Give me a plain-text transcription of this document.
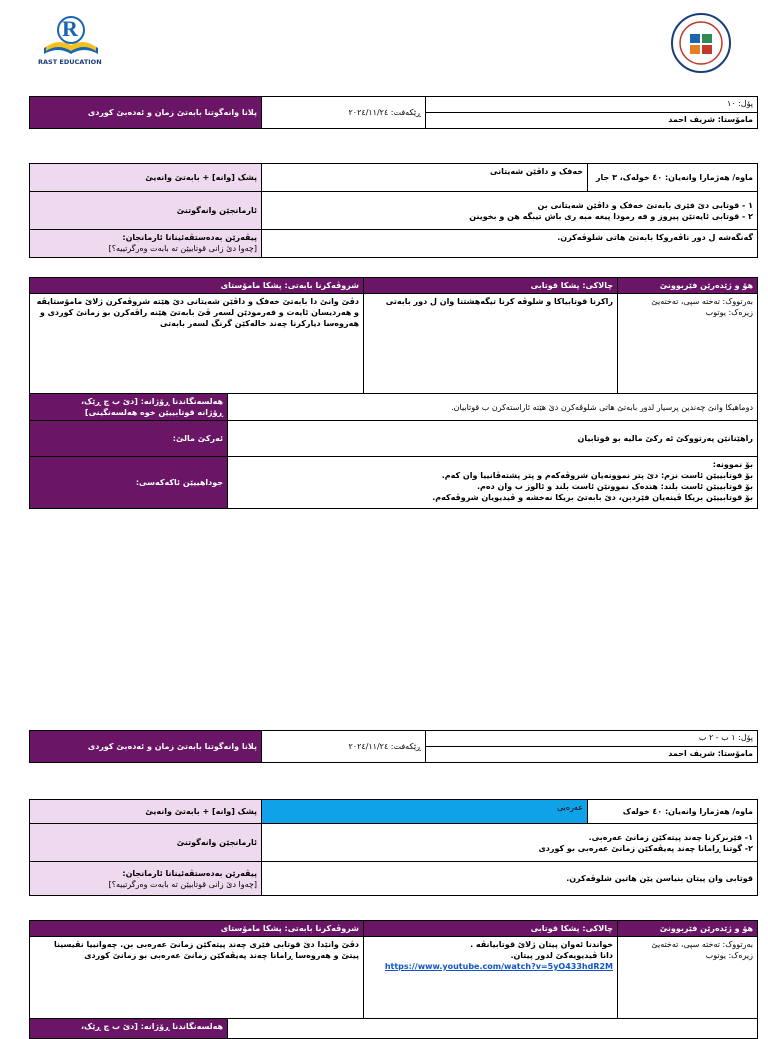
R
RAST EDUCATION
پلانا وانەگوتنا بابەتێ زمان و ئەدەبێ کوردی	ڕێکەفت: ٢٠٢٤/١١/٢٤	
پۆل: ١٠
مامۆستا: شریف احمد
پشک [وانە] + بابەتێ وانەیێ	خەفک و داڤێن شەیتانی	ماوە/ ھەژمارا وانەیان: ٤٠ خولەک، ٣ جار
ئارمانجێن وانەگوتنێ	١ - قوتابی دێ فێری بابەتێ خەفک و داڤێن شەیتانی بن
٢ - قوتابی ئایەتێن پیروز و فە رمودا پیغه مبه ری باش تیبگه هن و بخوینن	

پیڤەرێن بەدەستڤەئینانا ئارمانجان:
[چەوا دێ زانی قوتابیێن تە بابەت وەرگرتییە؟]	گەنگەشە ل دور ناڤەروکا بابەتێ ھاتی شلوڤەکرن.	
شروڤەکرنا بابەتی: پشکا مامۆستای		چالاکی: پشکا قوتابی	ھۆ و ژێدەرێن فێربوونێ
دڤێ وانێ دا بابەتێ خەفک و داڤێن شەیتانی دێ ھێتە شروڤەکرن ژلاێ مامۆستایڤە و ھەردیسان ئایەت و فەرمودێن لسەر ڤێ بابەتێ ھێنە راڤەکرن بو زمانێ کوردی و ھەروەسا دیارکرنا چەند خالەکێن گرنگ لسەر بابەتی		راکرنا قوتابیاکا و شلوڤە کرنا تیگەھشتنا وان ل دور بابەتی	بەرتووک: تەختە سپی، تەختەیێ
زیرەک: یوتوب

ھەلسەنگاندنا ڕۆژانە: [دێ ب چ ڕێک،
ڕۆژانە قوتابییێن خوە ھەلسەنگینی]	دوماھیکا وانێ چەندین پرسیار لدور بابەتێ ھاتی شلوڤەکرن دێ ھێتە ئاراستەکرن ب قوتابیان.		
ئەرکێ مالێ:	راھێنانێن پەرتووکێ ئە رکێ مالیە بو قوتابیان		
جوداھییێن ئاکەکەسی:	بۆ نموونە:
بۆ قوتابییێن ئاست نزم: دێ پتر نموونەیان شروڤەکەم و پتر پشتەڤانییا وان کەم.
بۆ قوتابییێن ئاست بلند: ھندەک نموونێن ئاست بلند و ئالوز ب وان دەم.
بۆ قوتابییێن بریکا ڤینەیان فێردبن، دێ بابەتێ بریکا نەخشە و ڤیدیویان شروڤەکەم.		
پلانا وانەگوتنا بابەتێ زمان و ئەدەبێ کوردی	ڕێکەفت: ٢٠٢٤/١١/٢٤	
پۆل: ١ ب - ٢ ب
مامۆستا: شریف احمد
پشک [وانە] + بابەتێ وانەیێ	عەرەبی	ماوە/ ھەژمارا وانەیان: ٤٠ خولەک
ئارمانجێن وانەگوتنێ	١- فێربرکرنا چەند پیتەکێن زمانێ عەرەبی.
٢- گوتنا ڕامانا چەند پەیڤەکێن زمانێ عەرەبی بو کوردی	

پیڤەرێن بەدەستڤەئینانا ئارمانجان:
[چەوا دێ زانی قوتابیێن تە بابەت وەرگرتییە؟]	قوتابی وان پیتان بنیاسن یێن ھاتین شلوڤەکرن.	
شروڤەکرنا بابەتی: پشکا مامۆستای		چالاکی: پشکا قوتابی	ھۆ و ژێدەرێن فێربوونێ
دڤێ وانێدا دێ قوتابی فێری چەند پیتەکێن زمانێ عەرەبی بن. چەوانییا نڤیسینا پیتێ و ھەروەسا ڕامانا چەند پەیڤەکێن زمانێ عەرەبی بو زمانێ کوردی		خواندنا ئەوان پیتان ژلاێ قوتابیانڤە .
دانا ڤیدیویەکێ لدور پیتان.
https://www.youtube.com/watch?v=5yO433hdR2M	بەرتووک: تەختە سپی، تەختەیێ
زیرەک: یوتوب

ھەلسەنگاندنا ڕۆژانە: [دێ ب چ ڕێک،			
